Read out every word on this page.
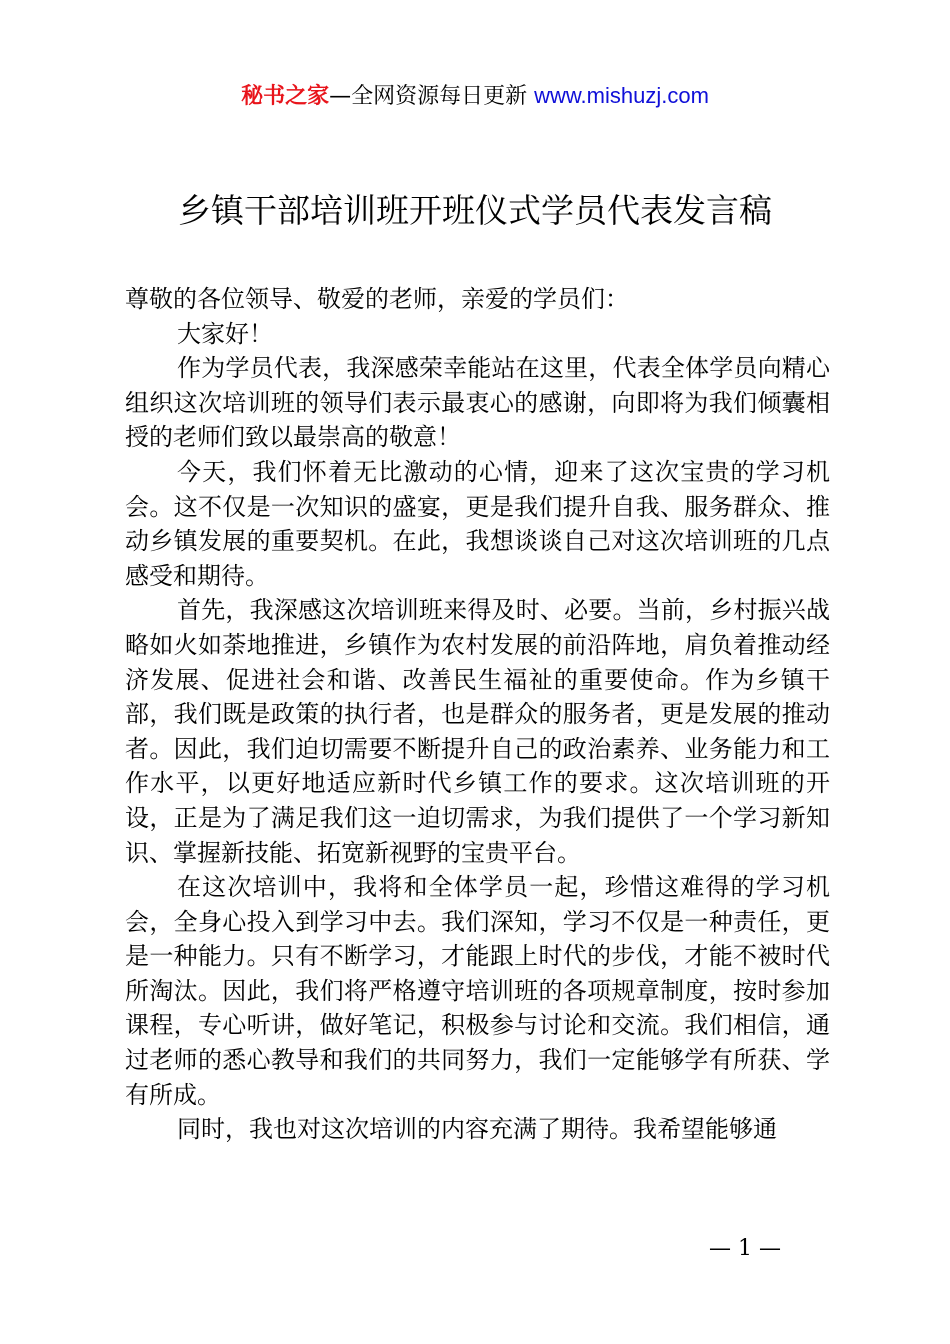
秘书之家—全网资源每日更新 www.mishuzj.com
乡镇干部培训班开班仪式学员代表发言稿

尊敬的各位领导、敬爱的老师，亲爱的学员们：

大家好！

作为学员代表，我深感荣幸能站在这里，代表全体学员向精心组织这次培训班的领导们表示最衷心的感谢，向即将为我们倾囊相授的老师们致以最崇高的敬意！

今天，我们怀着无比激动的心情，迎来了这次宝贵的学习机会。这不仅是一次知识的盛宴，更是我们提升自我、服务群众、推动乡镇发展的重要契机。在此，我想谈谈自己对这次培训班的几点感受和期待。

首先，我深感这次培训班来得及时、必要。当前，乡村振兴战略如火如荼地推进，乡镇作为农村发展的前沿阵地，肩负着推动经济发展、促进社会和谐、改善民生福祉的重要使命。作为乡镇干部，我们既是政策的执行者，也是群众的服务者，更是发展的推动者。因此，我们迫切需要不断提升自己的政治素养、业务能力和工作水平，以更好地适应新时代乡镇工作的要求。这次培训班的开设，正是为了满足我们这一迫切需求，为我们提供了一个学习新知识、掌握新技能、拓宽新视野的宝贵平台。

在这次培训中，我将和全体学员一起，珍惜这难得的学习机会，全身心投入到学习中去。我们深知，学习不仅是一种责任，更是一种能力。只有不断学习，才能跟上时代的步伐，才能不被时代所淘汰。因此，我们将严格遵守培训班的各项规章制度，按时参加课程，专心听讲，做好笔记，积极参与讨论和交流。我们相信，通过老师的悉心教导和我们的共同努力，我们一定能够学有所获、学有所成。

同时，我也对这次培训的内容充满了期待。我希望能够通

— 1 —
